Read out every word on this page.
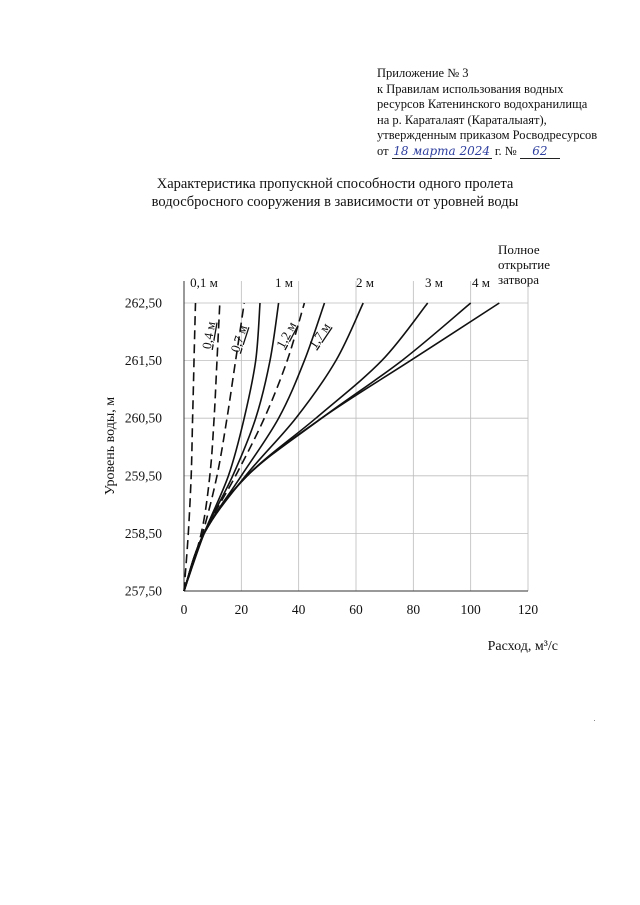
Приложение № 3
к Правилам использования водных
ресурсов Катенинского водохранилища
на р. Караталаят (Караталыаят),
утвержденным приказом Росводресурсов
от 18 марта 2024 г. № 62
Характеристика пропускной способности одного пролета
водосбросного сооружения в зависимости от уровней воды
0	20	40	60	80	100	120
257,50
258,50
259,50
260,50
261,50
262,50
Уровень воды, м
Расход, м³/с
0,1 м	1 м	2 м	3 м 4 м
Полное
открытие
затвора
0,4 м 0,7 м 1,2 м 1,7 м
